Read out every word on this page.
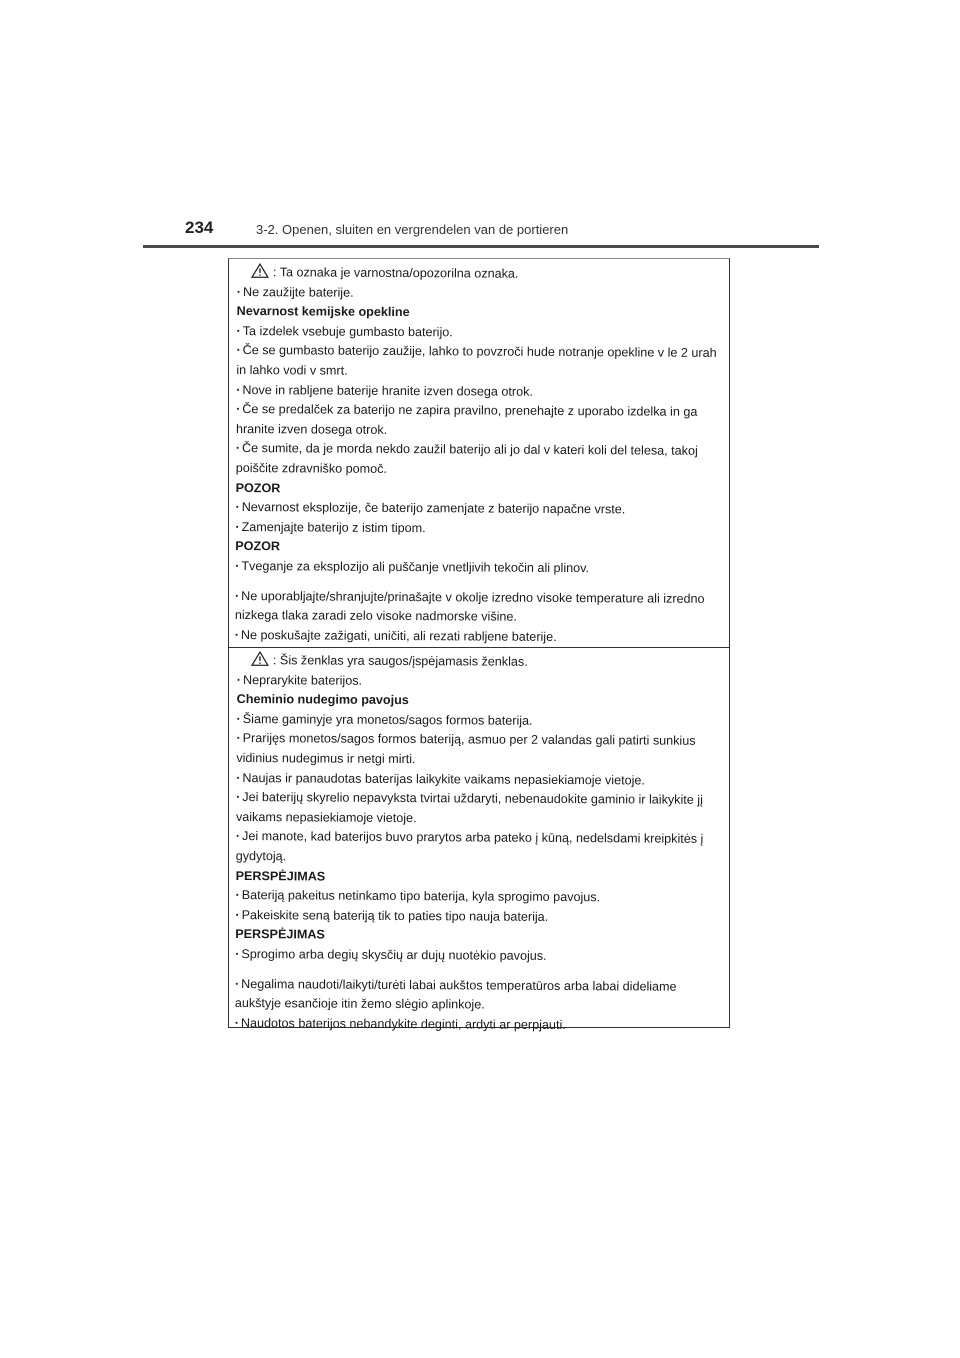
234	3-2. Openen, sluiten en vergrendelen van de portieren
: Ta oznaka je varnostna/opozorilna oznaka.
· Ne zaužijte baterije.
Nevarnost kemijske opekline
· Ta izdelek vsebuje gumbasto baterijo.
· Če se gumbasto baterijo zaužije, lahko to povzroči hude notranje opekline v le 2 urah in lahko vodi v smrt.
· Nove in rabljene baterije hranite izven dosega otrok.
· Če se predalček za baterijo ne zapira pravilno, prenehajte z uporabo izdelka in ga hranite izven dosega otrok.
· Če sumite, da je morda nekdo zaužil baterijo ali jo dal v kateri koli del telesa, takoj poiščite zdravniško pomoč.
POZOR
· Nevarnost eksplozije, če baterijo zamenjate z baterijo napačne vrste.
· Zamenjajte baterijo z istim tipom.
POZOR
· Tveganje za eksplozijo ali puščanje vnetljivih tekočin ali plinov.
· Ne uporabljajte/shranjujte/prinašajte v okolje izredno visoke temperature ali izredno nizkega tlaka zaradi zelo visoke nadmorske višine.
· Ne poskušajte zažigati, uničiti, ali rezati rabljene baterije.
: Šis ženklas yra saugos/įspėjamasis ženklas.
· Neprarykite baterijos.
Cheminio nudegimo pavojus
· Šiame gaminyje yra monetos/sagos formos baterija.
· Prarijęs monetos/sagos formos bateriją, asmuo per 2 valandas gali patirti sunkius vidinius nudegimus ir netgi mirti.
· Naujas ir panaudotas baterijas laikykite vaikams nepasiekiamoje vietoje.
· Jei baterijų skyrelio nepavyksta tvirtai uždaryti, nebenaudokite gaminio ir laikykite jį vaikams nepasiekiamoje vietoje.
· Jei manote, kad baterijos buvo prarytos arba pateko į kūną, nedelsdami kreipkitės į gydytoją.
PERSPĖJIMAS
· Bateriją pakeitus netinkamo tipo baterija, kyla sprogimo pavojus.
· Pakeiskite seną bateriją tik to paties tipo nauja baterija.
PERSPĖJIMAS
· Sprogimo arba degių skysčių ar dujų nuotėkio pavojus.
· Negalima naudoti/laikyti/turėti labai aukštos temperatūros arba labai dideliame aukštyje esančioje itin žemo slėgio aplinkoje.
· Naudotos baterijos nebandykite deginti, ardyti ar perpjauti.
